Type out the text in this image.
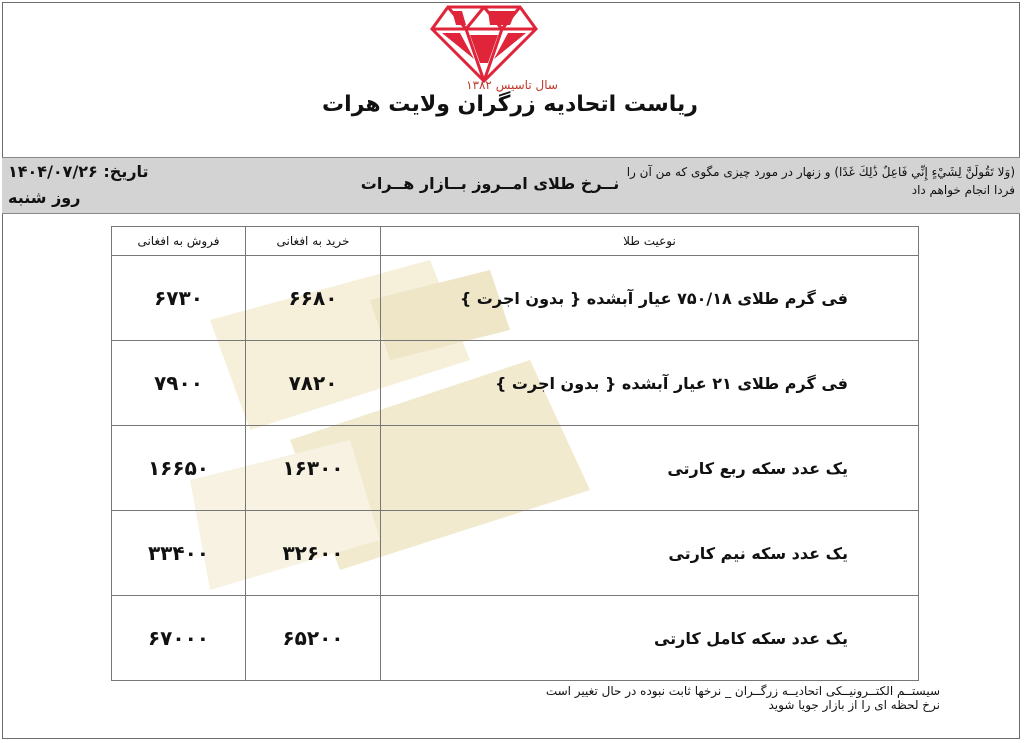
سال تاسیس ۱۳۸۲
ریاست اتحادیه زرگران ولایت هرات
تاریخ: ۱۴۰۴/۰۷/۲۶
روز شنبه
نــرخ طلای امــروز بــازار هــرات
(وَلا تَقُولَنَّ لِشَيْءٍ إِنِّي فَاعِلٌ ذَٰلِكَ غَدًا) و زنهار در مورد چیزی مگوی که من آن را فردا انجام خواهم داد
فروش به افغانی	خرید به افغانی	نوعیت طلا
۶۷۳۰	۶۶۸۰	فی گرم طلای ۷۵۰/۱۸ عیار آبشده { بدون اجرت }
۷۹۰۰	۷۸۲۰	فی گرم طلای ۲۱ عیار آبشده { بدون اجرت }
۱۶۶۵۰	۱۶۳۰۰	یک عدد سکه ربع کارتی
۳۳۴۰۰	۳۲۶۰۰	یک عدد سکه نیم کارتی
۶۷۰۰۰	۶۵۲۰۰	یک عدد سکه کامل کارتی
سیستــم الکتــرونیــکی اتحادیــه زرگــران _ نرخها ثابت نبوده در حال تغییر است
نرخ لحظه ای را از بازار جویا شوید
